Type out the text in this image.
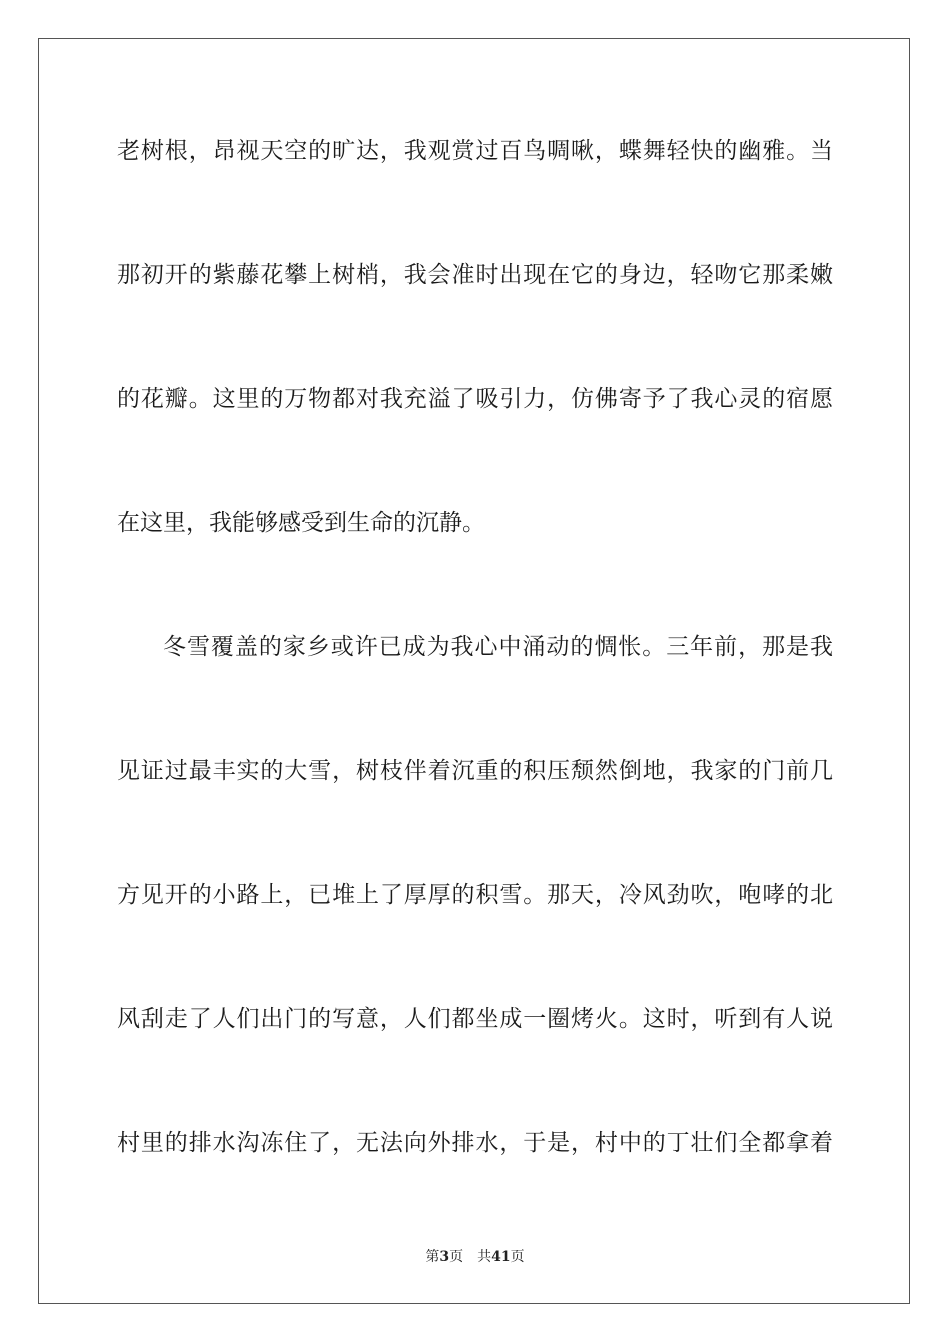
老树根，昂视天空的旷达，我观赏过百鸟啁啾，蝶舞轻快的幽雅。当
那初开的紫藤花攀上树梢，我会准时出现在它的身边，轻吻它那柔嫩
的花瓣。这里的万物都对我充溢了吸引力，仿佛寄予了我心灵的宿愿
在这里，我能够感受到生命的沉静。
冬雪覆盖的家乡或许已成为我心中涌动的惆怅。三年前，那是我
见证过最丰实的大雪，树枝伴着沉重的积压颓然倒地，我家的门前几
方见开的小路上，已堆上了厚厚的积雪。那天，冷风劲吹，咆哮的北
风刮走了人们出门的写意，人们都坐成一圈烤火。这时，听到有人说
村里的排水沟冻住了，无法向外排水，于是，村中的丁壮们全都拿着
第3页 共41页
